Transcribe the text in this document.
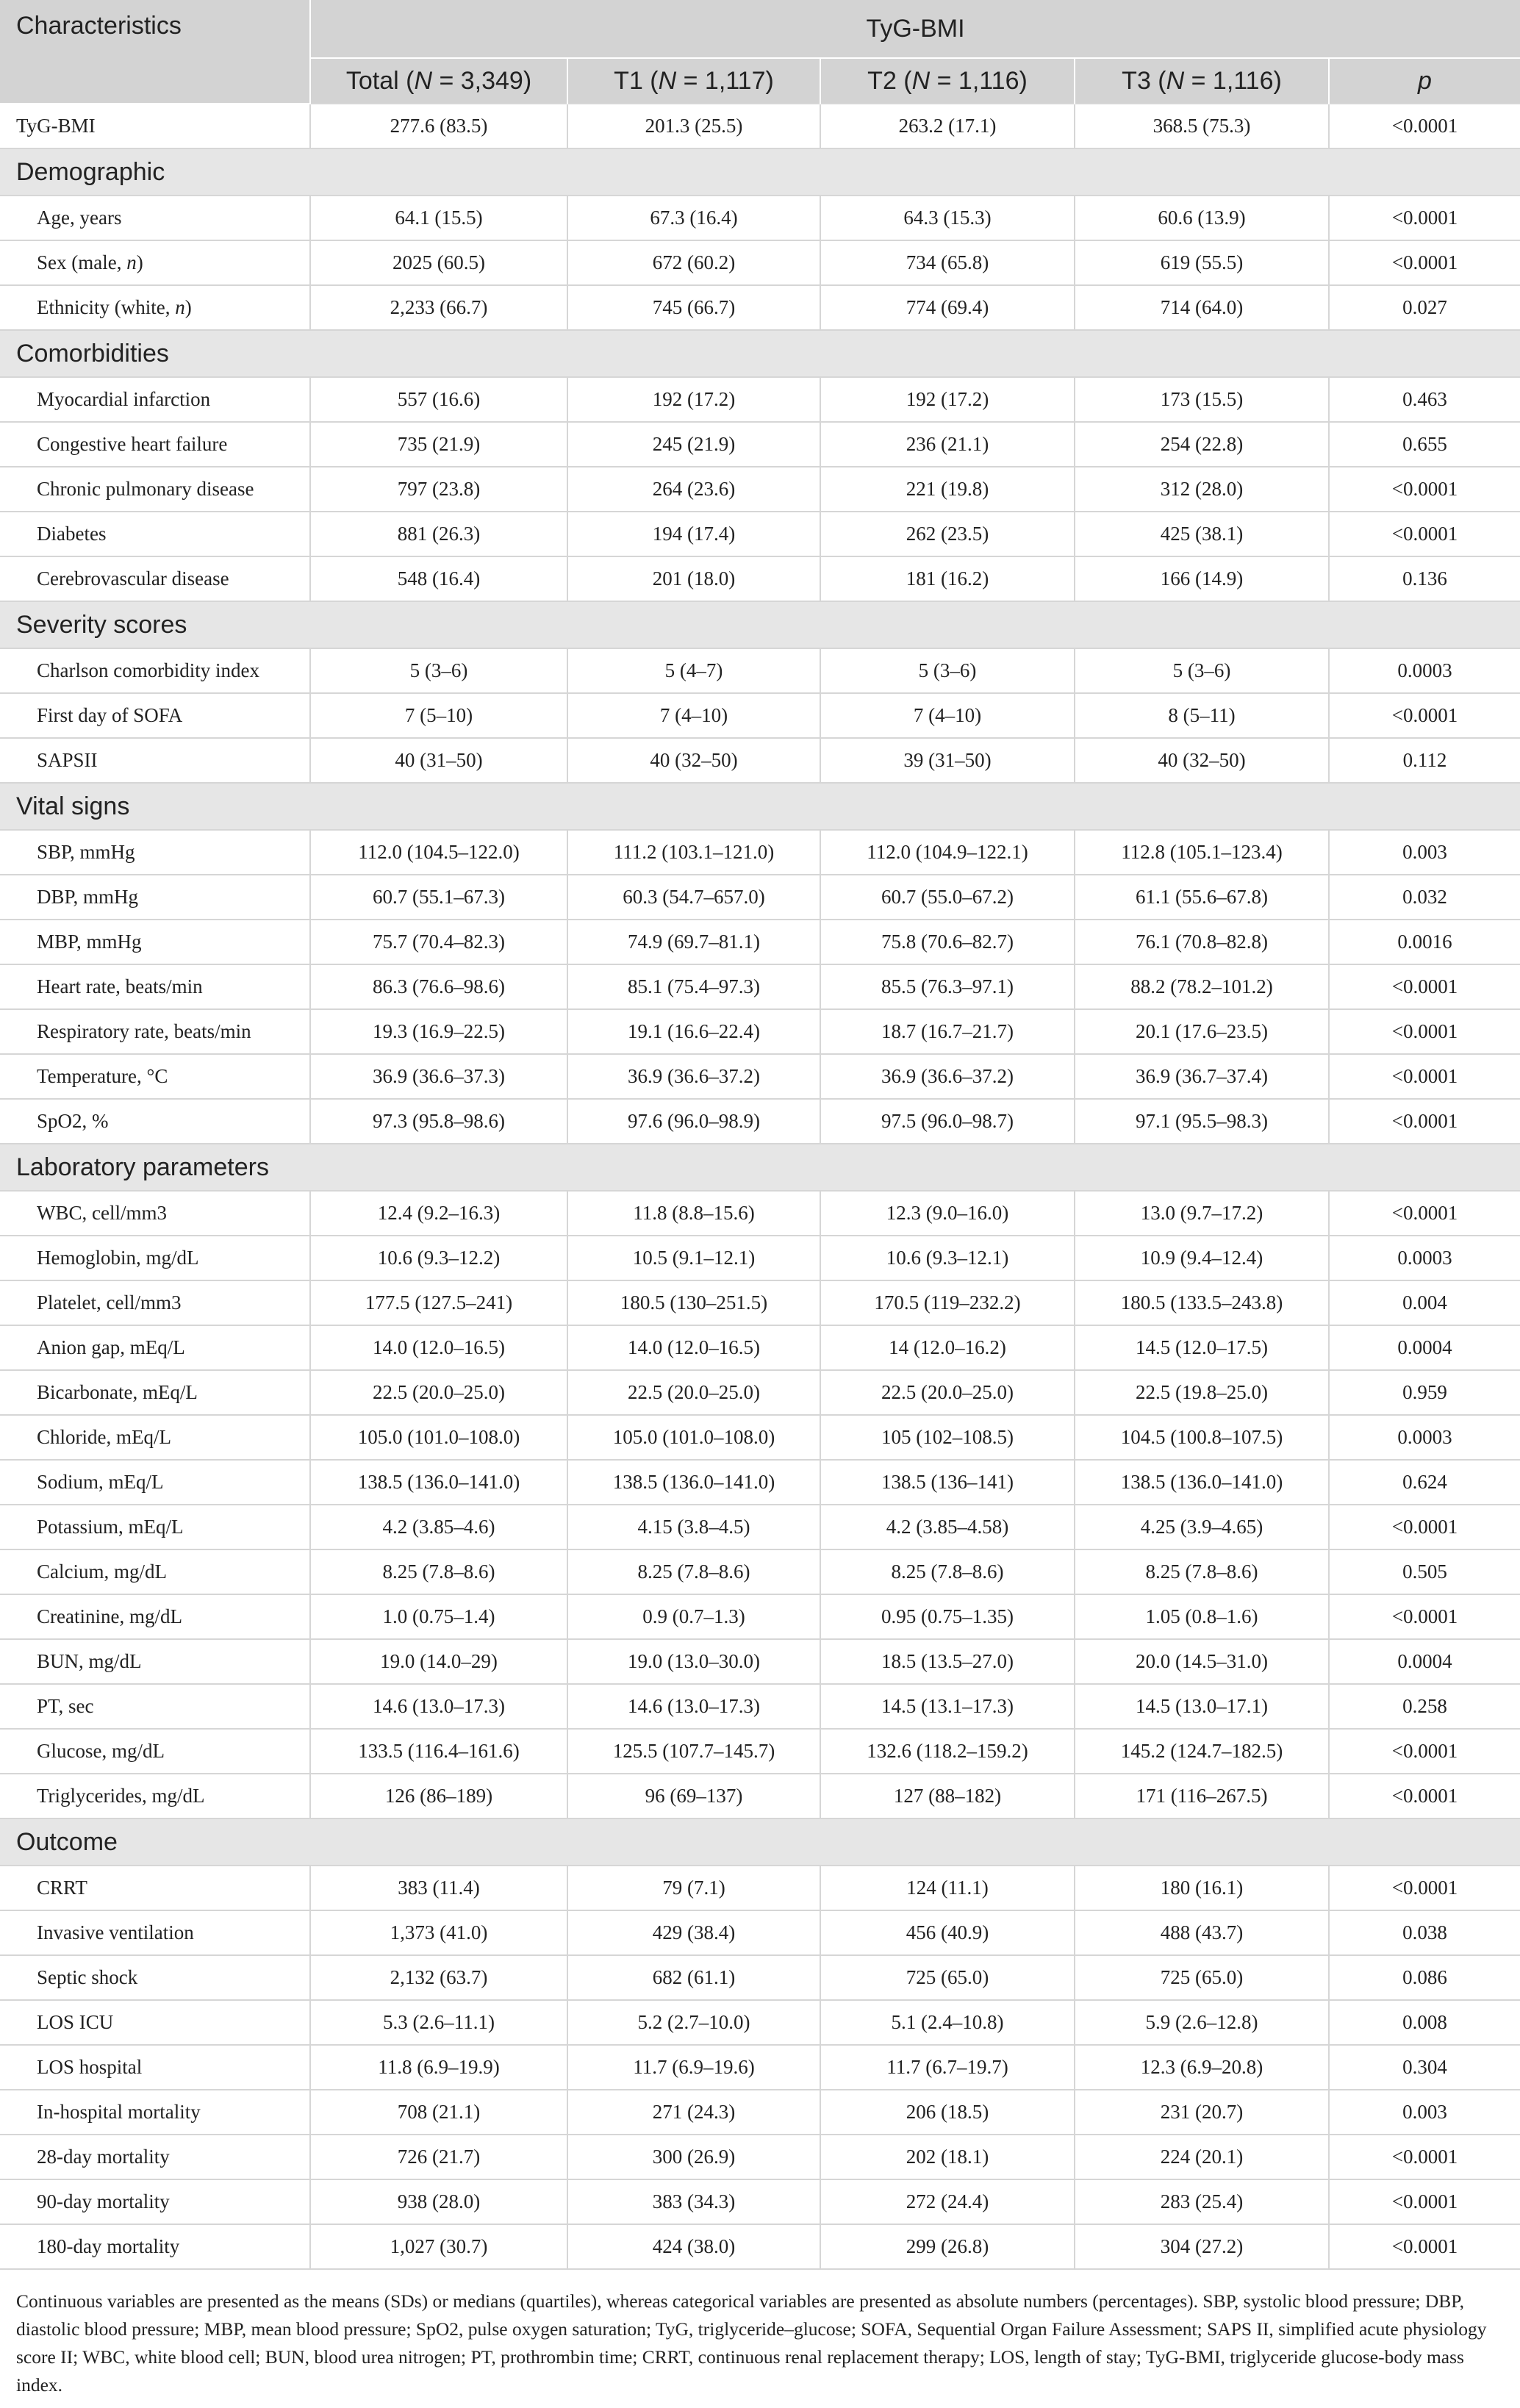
Characteristics	TyG-BMI				
	Total (N = 3,349)	T1 (N = 1,117)	T2 (N = 1,116)	T3 (N = 1,116)	p
TyG-BMI	277.6 (83.5)	201.3 (25.5)	263.2 (17.1)	368.5 (75.3)	<0.0001
Demographic					
Age, years	64.1 (15.5)	67.3 (16.4)	64.3 (15.3)	60.6 (13.9)	<0.0001
Sex (male, n)	2025 (60.5)	672 (60.2)	734 (65.8)	619 (55.5)	<0.0001
Ethnicity (white, n)	2,233 (66.7)	745 (66.7)	774 (69.4)	714 (64.0)	0.027
Comorbidities					
Myocardial infarction	557 (16.6)	192 (17.2)	192 (17.2)	173 (15.5)	0.463
Congestive heart failure	735 (21.9)	245 (21.9)	236 (21.1)	254 (22.8)	0.655
Chronic pulmonary disease	797 (23.8)	264 (23.6)	221 (19.8)	312 (28.0)	<0.0001
Diabetes	881 (26.3)	194 (17.4)	262 (23.5)	425 (38.1)	<0.0001
Cerebrovascular disease	548 (16.4)	201 (18.0)	181 (16.2)	166 (14.9)	0.136
Severity scores					
Charlson comorbidity index	5 (3–6)	5 (4–7)	5 (3–6)	5 (3–6)	0.0003
First day of SOFA	7 (5–10)	7 (4–10)	7 (4–10)	8 (5–11)	<0.0001
SAPSII	40 (31–50)	40 (32–50)	39 (31–50)	40 (32–50)	0.112
Vital signs					
SBP, mmHg	112.0 (104.5–122.0)	111.2 (103.1–121.0)	112.0 (104.9–122.1)	112.8 (105.1–123.4)	0.003
DBP, mmHg	60.7 (55.1–67.3)	60.3 (54.7–657.0)	60.7 (55.0–67.2)	61.1 (55.6–67.8)	0.032
MBP, mmHg	75.7 (70.4–82.3)	74.9 (69.7–81.1)	75.8 (70.6–82.7)	76.1 (70.8–82.8)	0.0016
Heart rate, beats/min	86.3 (76.6–98.6)	85.1 (75.4–97.3)	85.5 (76.3–97.1)	88.2 (78.2–101.2)	<0.0001
Respiratory rate, beats/min	19.3 (16.9–22.5)	19.1 (16.6–22.4)	18.7 (16.7–21.7)	20.1 (17.6–23.5)	<0.0001
Temperature, °C	36.9 (36.6–37.3)	36.9 (36.6–37.2)	36.9 (36.6–37.2)	36.9 (36.7–37.4)	<0.0001
SpO2, %	97.3 (95.8–98.6)	97.6 (96.0–98.9)	97.5 (96.0–98.7)	97.1 (95.5–98.3)	<0.0001
Laboratory parameters					
WBC, cell/mm3	12.4 (9.2–16.3)	11.8 (8.8–15.6)	12.3 (9.0–16.0)	13.0 (9.7–17.2)	<0.0001
Hemoglobin, mg/dL	10.6 (9.3–12.2)	10.5 (9.1–12.1)	10.6 (9.3–12.1)	10.9 (9.4–12.4)	0.0003
Platelet, cell/mm3	177.5 (127.5–241)	180.5 (130–251.5)	170.5 (119–232.2)	180.5 (133.5–243.8)	0.004
Anion gap, mEq/L	14.0 (12.0–16.5)	14.0 (12.0–16.5)	14 (12.0–16.2)	14.5 (12.0–17.5)	0.0004
Bicarbonate, mEq/L	22.5 (20.0–25.0)	22.5 (20.0–25.0)	22.5 (20.0–25.0)	22.5 (19.8–25.0)	0.959
Chloride, mEq/L	105.0 (101.0–108.0)	105.0 (101.0–108.0)	105 (102–108.5)	104.5 (100.8–107.5)	0.0003
Sodium, mEq/L	138.5 (136.0–141.0)	138.5 (136.0–141.0)	138.5 (136–141)	138.5 (136.0–141.0)	0.624
Potassium, mEq/L	4.2 (3.85–4.6)	4.15 (3.8–4.5)	4.2 (3.85–4.58)	4.25 (3.9–4.65)	<0.0001
Calcium, mg/dL	8.25 (7.8–8.6)	8.25 (7.8–8.6)	8.25 (7.8–8.6)	8.25 (7.8–8.6)	0.505
Creatinine, mg/dL	1.0 (0.75–1.4)	0.9 (0.7–1.3)	0.95 (0.75–1.35)	1.05 (0.8–1.6)	<0.0001
BUN, mg/dL	19.0 (14.0–29)	19.0 (13.0–30.0)	18.5 (13.5–27.0)	20.0 (14.5–31.0)	0.0004
PT, sec	14.6 (13.0–17.3)	14.6 (13.0–17.3)	14.5 (13.1–17.3)	14.5 (13.0–17.1)	0.258
Glucose, mg/dL	133.5 (116.4–161.6)	125.5 (107.7–145.7)	132.6 (118.2–159.2)	145.2 (124.7–182.5)	<0.0001
Triglycerides, mg/dL	126 (86–189)	96 (69–137)	127 (88–182)	171 (116–267.5)	<0.0001
Outcome					
CRRT	383 (11.4)	79 (7.1)	124 (11.1)	180 (16.1)	<0.0001
Invasive ventilation	1,373 (41.0)	429 (38.4)	456 (40.9)	488 (43.7)	0.038
Septic shock	2,132 (63.7)	682 (61.1)	725 (65.0)	725 (65.0)	0.086
LOS ICU	5.3 (2.6–11.1)	5.2 (2.7–10.0)	5.1 (2.4–10.8)	5.9 (2.6–12.8)	0.008
LOS hospital	11.8 (6.9–19.9)	11.7 (6.9–19.6)	11.7 (6.7–19.7)	12.3 (6.9–20.8)	0.304
In-hospital mortality	708 (21.1)	271 (24.3)	206 (18.5)	231 (20.7)	0.003
28-day mortality	726 (21.7)	300 (26.9)	202 (18.1)	224 (20.1)	<0.0001
90-day mortality	938 (28.0)	383 (34.3)	272 (24.4)	283 (25.4)	<0.0001
180-day mortality	1,027 (30.7)	424 (38.0)	299 (26.8)	304 (27.2)	<0.0001

Continuous variables are presented as the means (SDs) or medians (quartiles), whereas categorical variables are presented as absolute numbers (percentages). SBP, systolic blood pressure; DBP, diastolic blood pressure; MBP, mean blood pressure; SpO2, pulse oxygen saturation; TyG, triglyceride–glucose; SOFA, Sequential Organ Failure Assessment; SAPS II, simplified acute physiology score II; WBC, white blood cell; BUN, blood urea nitrogen; PT, prothrombin time; CRRT, continuous renal replacement therapy; LOS, length of stay; TyG-BMI, triglyceride glucose-body mass index.
